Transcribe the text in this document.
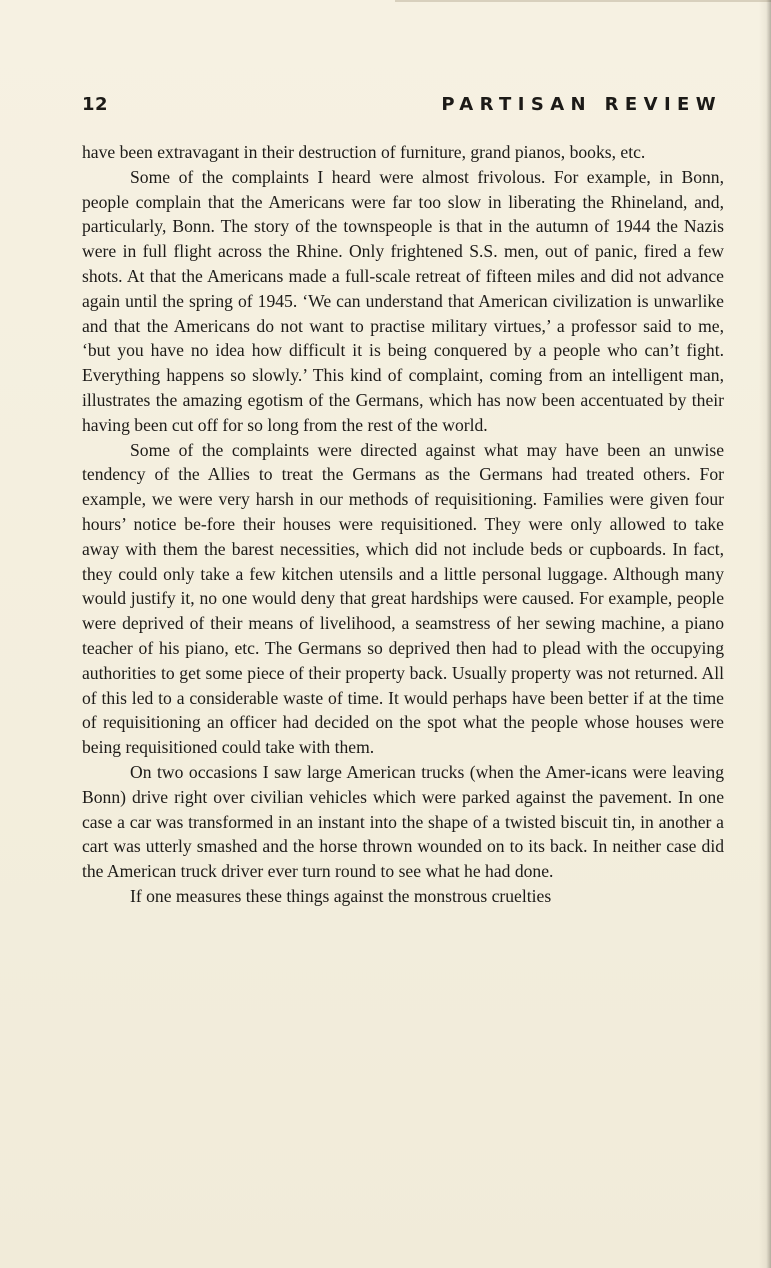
12	PARTISAN REVIEW

have been extravagant in their destruction of furniture, grand pianos, books, etc.

Some of the complaints I heard were almost frivolous. For example, in Bonn, people complain that the Americans were far too slow in liberating the Rhineland, and, particularly, Bonn. The story of the townspeople is that in the autumn of 1944 the Nazis were in full flight across the Rhine. Only frightened S.S. men, out of panic, fired a few shots. At that the Americans made a full-scale retreat of fifteen miles and did not advance again until the spring of 1945. ‘We can understand that American civilization is unwarlike and that the Americans do not want to practise military virtues,’ a professor said to me, ‘but you have no idea how difficult it is being conquered by a people who can’t fight. Everything happens so slowly.’ This kind of complaint, coming from an intelligent man, illustrates the amazing egotism of the Germans, which has now been accentuated by their having been cut off for so long from the rest of the world.

Some of the complaints were directed against what may have been an unwise tendency of the Allies to treat the Germans as the Germans had treated others. For example, we were very harsh in our methods of requisitioning. Families were given four hours’ notice be-fore their houses were requisitioned. They were only allowed to take away with them the barest necessities, which did not include beds or cupboards. In fact, they could only take a few kitchen utensils and a little personal luggage. Although many would justify it, no one would deny that great hardships were caused. For example, people were deprived of their means of livelihood, a seamstress of her sewing machine, a piano teacher of his piano, etc. The Germans so deprived then had to plead with the occupying authorities to get some piece of their property back. Usually property was not returned. All of this led to a considerable waste of time. It would perhaps have been better if at the time of requisitioning an officer had decided on the spot what the people whose houses were being requisitioned could take with them.

On two occasions I saw large American trucks (when the Amer-icans were leaving Bonn) drive right over civilian vehicles which were parked against the pavement. In one case a car was transformed in an instant into the shape of a twisted biscuit tin, in another a cart was utterly smashed and the horse thrown wounded on to its back. In neither case did the American truck driver ever turn round to see what he had done.

If one measures these things against the monstrous cruelties
